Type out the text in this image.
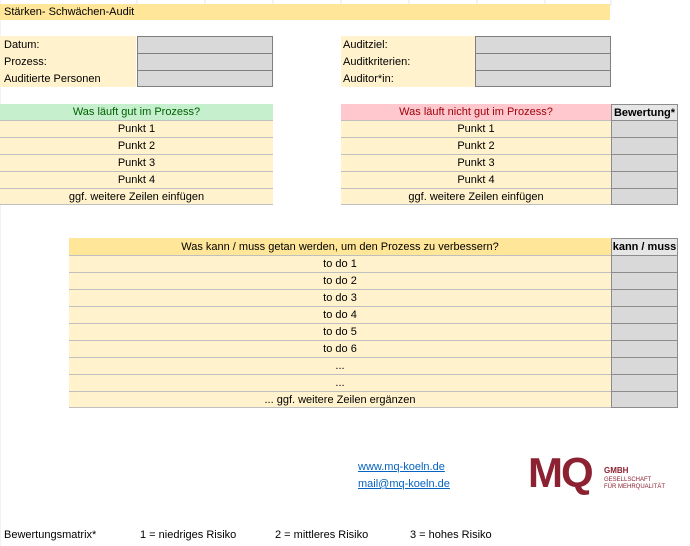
Stärken- Schwächen-Audit
Datum:
Prozess:
Auditierte Personen
Auditziel:
Auditkriterien:
Auditor*in:
Was läuft gut im Prozess?
Punkt 1
Punkt 2
Punkt 3
Punkt 4
ggf. weitere Zeilen einfügen
Was läuft nicht gut im Prozess?	Bewertung*
Punkt 1
Punkt 2
Punkt 3
Punkt 4
ggf. weitere Zeilen einfügen
Was kann / muss getan werden, um den Prozess zu verbessern?	kann / muss
to do 1
to do 2
to do 3
to do 4
to do 5
to do 6
...
...
... ggf. weitere Zeilen ergänzen
www.mq-koeln.de
mail@mq-koeln.de MQ GMBH
GESELLSCHAFT
FÜR MEHRQUALITÄT
Bewertungsmatrix*	1 = niedriges Risiko	2 = mittleres Risiko	3 = hohes Risiko
